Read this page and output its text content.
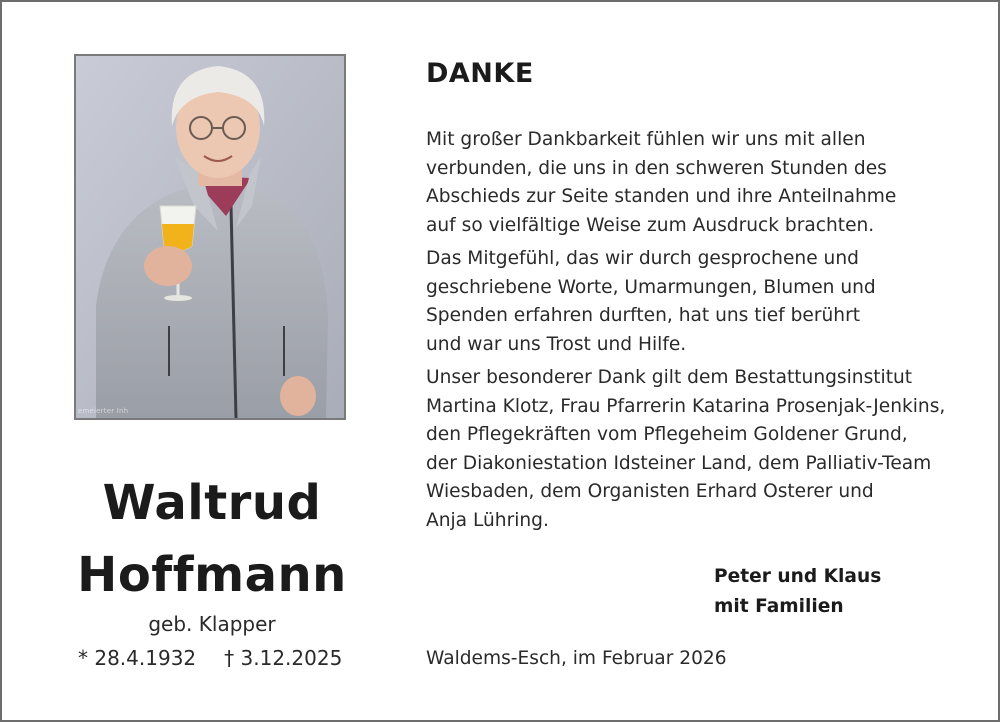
emeierter Inh
Waltrud
Hoffmann
geb. Klapper
* 28.4.1932 † 3.12.2025
DANKE
Mit großer Dankbarkeit fühlen wir uns mit allen
verbunden, die uns in den schweren Stunden des
Abschieds zur Seite standen und ihre Anteilnahme
auf so vielfältige Weise zum Ausdruck brachten.
Das Mitgefühl, das wir durch gesprochene und
geschriebene Worte, Umarmungen, Blumen und
Spenden erfahren durften, hat uns tief berührt
und war uns Trost und Hilfe.
Unser besonderer Dank gilt dem Bestattungsinstitut
Martina Klotz, Frau Pfarrerin Katarina Prosenjak-Jenkins,
den Pflegekräften vom Pflegeheim Goldener Grund,
der Diakoniestation Idsteiner Land, dem Palliativ-Team
Wiesbaden, dem Organisten Erhard Osterer und
Anja Lühring.
Peter und Klaus
mit Familien
Waldems-Esch, im Februar 2026
